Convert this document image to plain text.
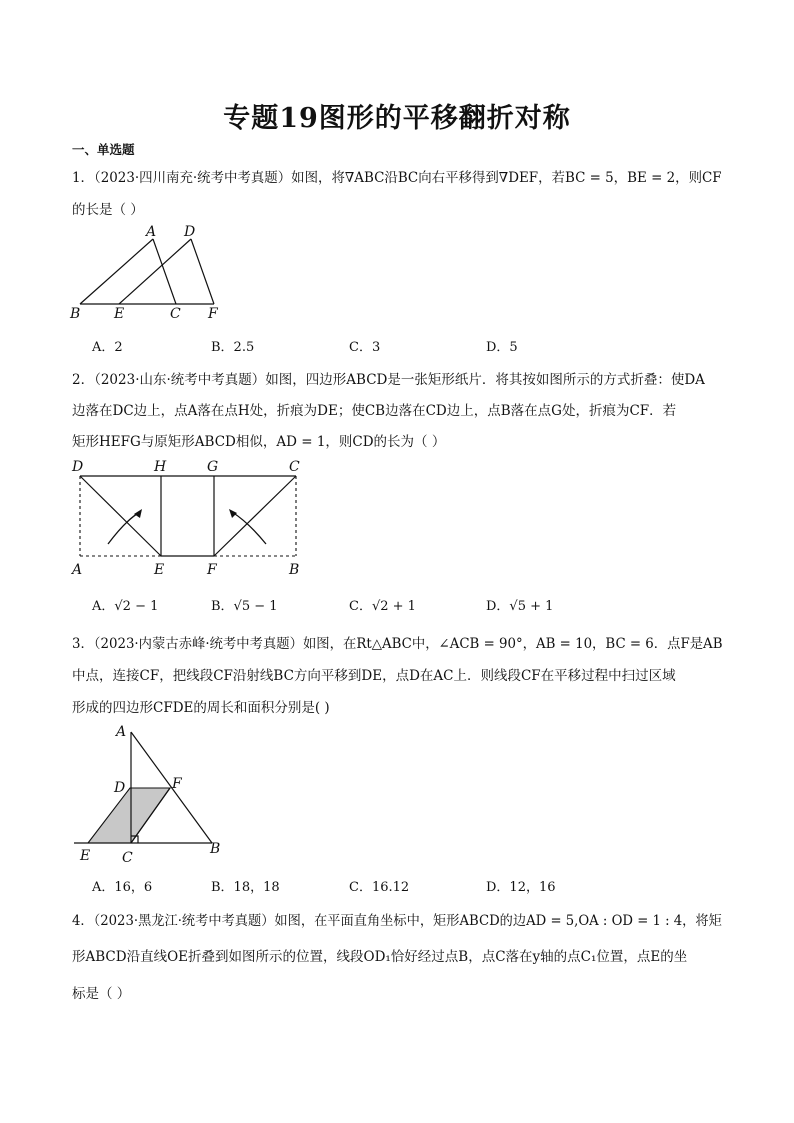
专题19图形的平移翻折对称
一、单选题
1．（2023·四川南充·统考中考真题）如图，将∇ABC沿BC向右平移得到∇DEF，若BC = 5，BE = 2，则CF
的长是（ ）
A D
B E	C F
A．2	B．2.5	C．3	D．5
2．（2023·山东·统考中考真题）如图，四边形ABCD是一张矩形纸片．将其按如图所示的方式折叠：使DA
边落在DC边上，点A落在点H处，折痕为DE；使CB边落在CD边上，点B落在点G处，折痕为CF．若
矩形HEFG与原矩形ABCD相似，AD = 1，则CD的长为（ ）
D	H	G	C
A	E	F	B
A．√2 − 1	B．√5 − 1	C．√2 + 1	D．√5 + 1
3．（2023·内蒙古赤峰·统考中考真题）如图，在Rt△ABC中，∠ACB = 90°，AB = 10，BC = 6．点F是AB
中点，连接CF，把线段CF沿射线BC方向平移到DE，点D在AC上．则线段CF在平移过程中扫过区域
形成的四边形CFDE的周长和面积分别是( )
A
D	F
E C
B
A．16，6	B．18，18	C．16.12	D．12，16
4．（2023·黑龙江·统考中考真题）如图，在平面直角坐标中，矩形ABCD的边AD = 5,OA : OD = 1 : 4，将矩
形ABCD沿直线OE折叠到如图所示的位置，线段OD₁恰好经过点B，点C落在y轴的点C₁位置，点E的坐
标是（ ）
